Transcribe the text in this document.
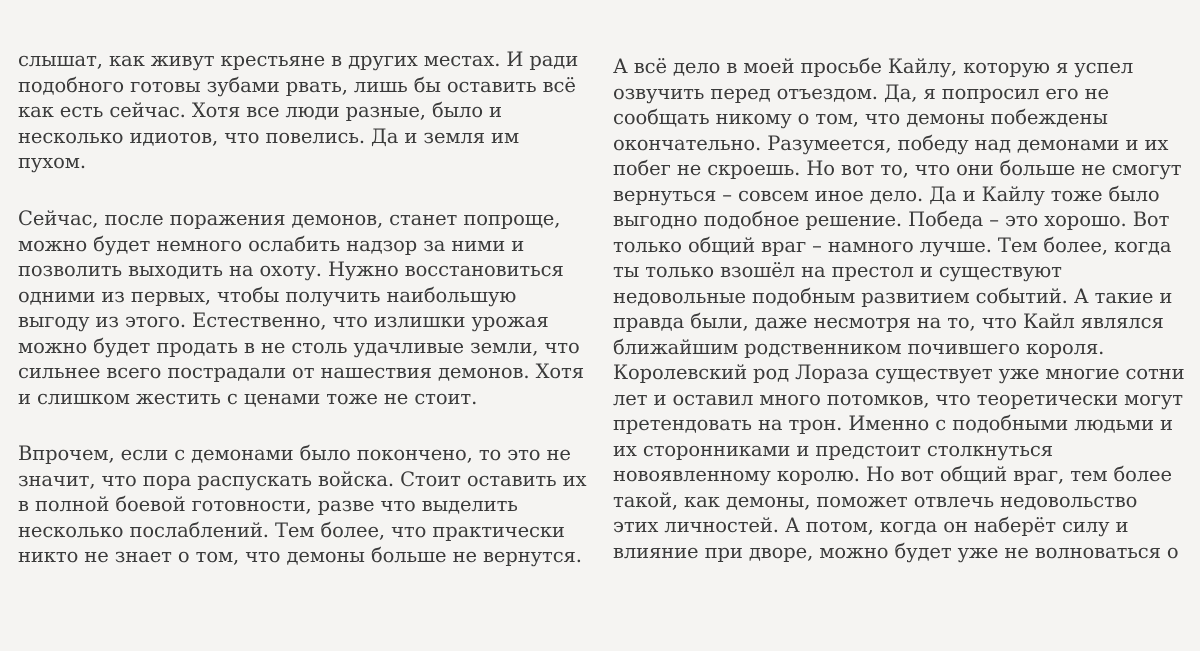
слышат, как живут крестьяне в других местах. И ради
подобного готовы зубами рвать, лишь бы оставить всё
как есть сейчас. Хотя все люди разные, было и
несколько идиотов, что повелись. Да и земля им
пухом.
Сейчас, после поражения демонов, станет попроще,
можно будет немного ослабить надзор за ними и
позволить выходить на охоту. Нужно восстановиться
одними из первых, чтобы получить наибольшую
выгоду из этого. Естественно, что излишки урожая
можно будет продать в не столь удачливые земли, что
сильнее всего пострадали от нашествия демонов. Хотя
и слишком жестить с ценами тоже не стоит.
Впрочем, если с демонами было покончено, то это не
значит, что пора распускать войска. Стоит оставить их
в полной боевой готовности, разве что выделить
несколько послаблений. Тем более, что практически
никто не знает о том, что демоны больше не вернутся.
А всё дело в моей просьбе Кайлу, которую я успел
озвучить перед отъездом. Да, я попросил его не
сообщать никому о том, что демоны побеждены
окончательно. Разумеется, победу над демонами и их
побег не скроешь. Но вот то, что они больше не смогут
вернуться – совсем иное дело. Да и Кайлу тоже было
выгодно подобное решение. Победа – это хорошо. Вот
только общий враг – намного лучше. Тем более, когда
ты только взошёл на престол и существуют
недовольные подобным развитием событий. А такие и
правда были, даже несмотря на то, что Кайл являлся
ближайшим родственником почившего короля.
Королевский род Лораза существует уже многие сотни
лет и оставил много потомков, что теоретически могут
претендовать на трон. Именно с подобными людьми и
их сторонниками и предстоит столкнуться
новоявленному королю. Но вот общий враг, тем более
такой, как демоны, поможет отвлечь недовольство
этих личностей. А потом, когда он наберёт силу и
влияние при дворе, можно будет уже не волноваться о
